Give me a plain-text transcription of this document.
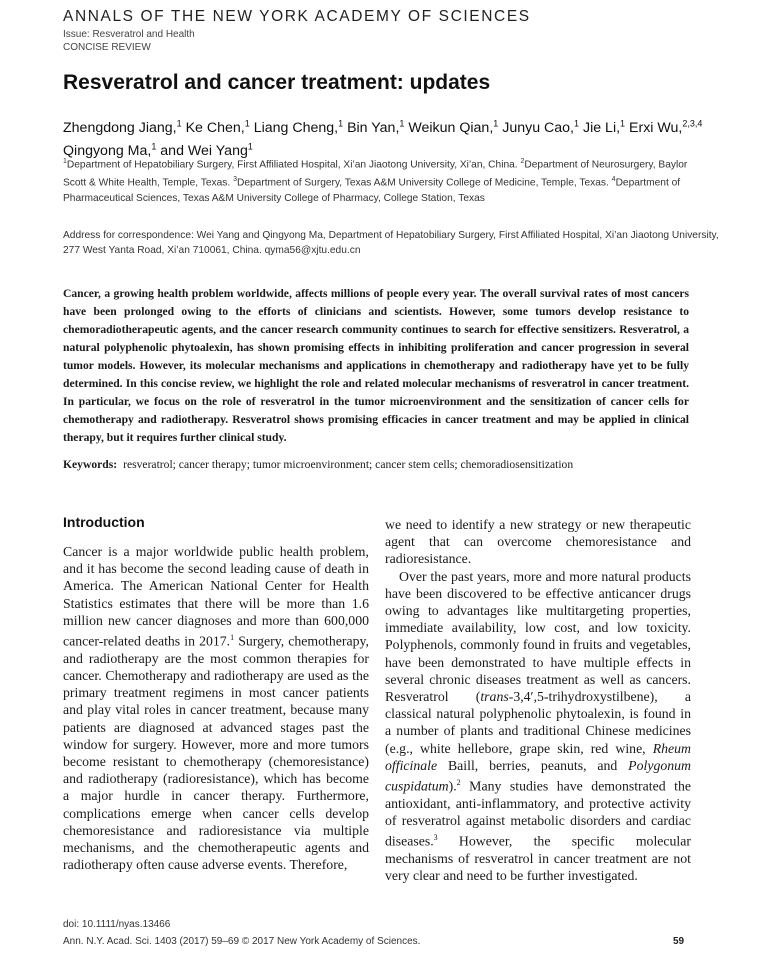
ANNALS OF THE NEW YORK ACADEMY OF SCIENCES
Issue: Resveratrol and Health
CONCISE REVIEW
Resveratrol and cancer treatment: updates
Zhengdong Jiang,$^1$ Ke Chen,$^1$ Liang Cheng,$^1$ Bin Yan,$^1$ Weikun Qian,$^1$ Junyu Cao,$^1$ Jie Li,$^1$ Erxi Wu,$^{2,3,4}$ Qingyong Ma,$^1$ and Wei Yang$^1$
$^1$Department of Hepatobiliary Surgery, First Affiliated Hospital, Xi’an Jiaotong University, Xi’an, China. $^2$Department of Neurosurgery, Baylor Scott & White Health, Temple, Texas. $^3$Department of Surgery, Texas A&M University College of Medicine, Temple, Texas. $^4$Department of Pharmaceutical Sciences, Texas A&M University College of Pharmacy, College Station, Texas
Address for correspondence: Wei Yang and Qingyong Ma, Department of Hepatobiliary Surgery, First Affiliated Hospital, Xi’an Jiaotong University, 277 West Yanta Road, Xi’an 710061, China. qyma56@xjtu.edu.cn
Cancer, a growing health problem worldwide, affects millions of people every year. The overall survival rates of most cancers have been prolonged owing to the efforts of clinicians and scientists. However, some tumors develop resistance to chemoradiotherapeutic agents, and the cancer research community continues to search for effective sensitizers. Resveratrol, a natural polyphenolic phytoalexin, has shown promising effects in inhibiting proliferation and cancer progression in several tumor models. However, its molecular mechanisms and applications in chemotherapy and radiotherapy have yet to be fully determined. In this concise review, we highlight the role and related molecular mechanisms of resveratrol in cancer treatment. In particular, we focus on the role of resveratrol in the tumor microenvironment and the sensitization of cancer cells for chemotherapy and radiotherapy. Resveratrol shows promising efficacies in cancer treatment and may be applied in clinical therapy, but it requires further clinical study.
Keywords: resveratrol; cancer therapy; tumor microenvironment; cancer stem cells; chemoradiosensitization
Introduction

Cancer is a major worldwide public health problem, and it has become the second leading cause of death in America. The American National Center for Health Statistics estimates that there will be more than 1.6 million new cancer diagnoses and more than 600,000 cancer-related deaths in 2017.$^1$ Surgery, chemotherapy, and radiotherapy are the most common therapies for cancer. Chemotherapy and radiotherapy are used as the primary treatment regimens in most cancer patients and play vital roles in cancer treatment, because many patients are diagnosed at advanced stages past the window for surgery. However, more and more tumors become resistant to chemotherapy (chemoresistance) and radiotherapy (radioresistance), which has become a major hurdle in cancer therapy. Furthermore, complications emerge when cancer cells develop chemoresistance and radioresistance via multiple mechanisms, and the chemotherapeutic agents and radiotherapy often cause adverse events. Therefore,

we need to identify a new strategy or new therapeutic agent that can overcome chemoresistance and radioresistance.

Over the past years, more and more natural products have been discovered to be effective anticancer drugs owing to advantages like multitargeting properties, immediate availability, low cost, and low toxicity. Polyphenols, commonly found in fruits and vegetables, have been demonstrated to have multiple effects in several chronic diseases treatment as well as cancers. Resveratrol (trans-3,4′,5-trihydroxystilbene), a classical natural polyphenolic phytoalexin, is found in a number of plants and traditional Chinese medicines (e.g., white hellebore, grape skin, red wine, Rheum officinale Baill, berries, peanuts, and Polygonum cuspidatum).$^2$ Many studies have demonstrated the antioxidant, anti-inflammatory, and protective activity of resveratrol against metabolic disorders and cardiac diseases.$^3$ However, the specific molecular mechanisms of resveratrol in cancer treatment are not very clear and need to be further investigated.

doi: 10.1111/nyas.13466
Ann. N.Y. Acad. Sci. 1403 (2017) 59–69 © 2017 New York Academy of Sciences.	59
